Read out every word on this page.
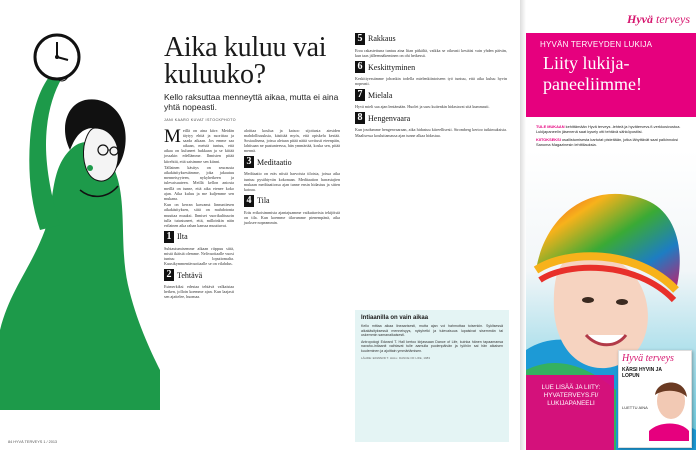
Aika kuluu vai kuluuko?
Kello raksuttaa menneyttä aikaa, mutta ei aina yhtä nopeasti.
JANI KAARO KUVAT ISTOCKPHOTO

Meillä on aina kiire. Meidän täytyy ehtiä ja suorittaa ja saada aikaan. Jos emme saa aikaan, meistä tuntuu, että aikaa on kuluneet hukkaan ja se kiitää jossakin edellämme. Ihmisten pitää kiirehtiä, että saisimme sen kiinni.

Tällainen käsitys on seurausta aikakäsityksestämme, joka jakautuu menneisyyteen, nykyhetkeen ja tulevaisuuteen. Meillä kellon aniosta meillä on tunne, että aika etenee koko ajan. Aika kuluu ja me kuljemme sen mukana.

Kun on kerran kasvanut linnuntiesen aikakäsityksen, siitä on mahdotonta muuttaa muuksi. Ihmiset vuorikulttuurin tulla tutustuneet, että, milloinkin näin erilainen aika rahan kanssa muuttuvat.

1 Ilta

Suhtautumisemme aikaan riippuu siitä, mistä ikäisiä olemme. Nelivuotiaalle vuosi tuntuu loputtomalta. Kuusikymmentävuotiaalle se on vilahdus.

2 Tehtävä

Esimerkiksi edestaa tehtävä valkaistaa hetken, jolloin koemme ajan. Kun laajasti sen ajattelee, huomaa.

aloittaa koulua ja katsoo sijoitusta aiesiden mahdollisuuksia, käsittää myös, että opiskelu kestää. Sosiaalisena, joissa aletaan pitää näitä sovitusti eteenpäin, lahtisaan ne paatunteessa, hän ymmärtää, koska sen, pitää mennä.

3 Meditaatio

Meditaatio on eräs niistä harvoista tiloista, joissa aika tuntuu pysähtyvän kokonaan. Meditaation harrastajien mukaan meditaatiossa ajan tunne ensin hidastuu ja sitten katoaa.

4 Tila

Eräs erikoisimmista ajantajuamme vaikuttavista tekijöistä on tila. Kun koemme tilavamme pienempänä, aika juoksee nopeammin.

5 Rakkaus

Eroa rakastettuna tuntuu aina liian pitkältä, vaikka se oikeasti kestäisi vain yhden päivän, kun taas jälleennäkeminen on ohi hetkessä.

6 Keskittyminen

Keskittyessämme johonkin todella mielenkiintoiseen työ tuntuu, että aika kuluu hyvin nopeasti.

7 Mielala

Hyvä mieli saa ajan lentämään. Huolet ja suru kuitenkin hidastavat sitä kummasti.

8 Hengenvaara

Kun joudumme hengenvaaraan, aika hidastuu kiireellisesti. Stromberg kertoo tutkimuksista. Maalisessa kouluttamassa ajan tunne alkaa hidastua.

Intiaanilla on vain aikaa

Kello mittaa aikaa lineaarisesti, mutta ajan voi hahmottaa toisenkin. Syklisessä aikakäsityksessä menneisyys, nykyhetki ja tulevaisuus lupaisivat sisemmän tai uskemmin samanaikaisesti.

Antropologi Edward T. Hall kertoo kirjassaan Dance of Life, kuinka hänen tapaamansa navaho-intiaanit vaihtavat tulle aamulla puolenpäivän ja työhön sai hän aikaisen kuuleminen ja ajoittain ymmärtämisen.

LÄHDE: EDWARD T. HALL: DANCE OF LIFE, 1983

84 HYVÄ TERVEYS 1 / 2013
Hyvä terveys
HYVÄN TERVEYDEN LUKIJA
Liity lukija-paneeliimme!

TULE MUKAAN kehittämään Hyvä terveys -lehteä ja hyvätervevs.fi-verkkosivustoa. Lukijapaneelin jäsenenä saat kysely otti tehtävä sähköpostiisi.

KIITOKSEKSI osallistumisesta kartutat pisteitään, jotka lähyttävät saat palkinnoksi Sanoma Magazinesin lehtitilauksia.

LUE LISÄÄ JA LIITY: HYVATERVEYS.FI/ LUKIJAPANEELI
Hyvä terveys
KÄRSI HYVIN JA LOPUN
LUETTU AINA
